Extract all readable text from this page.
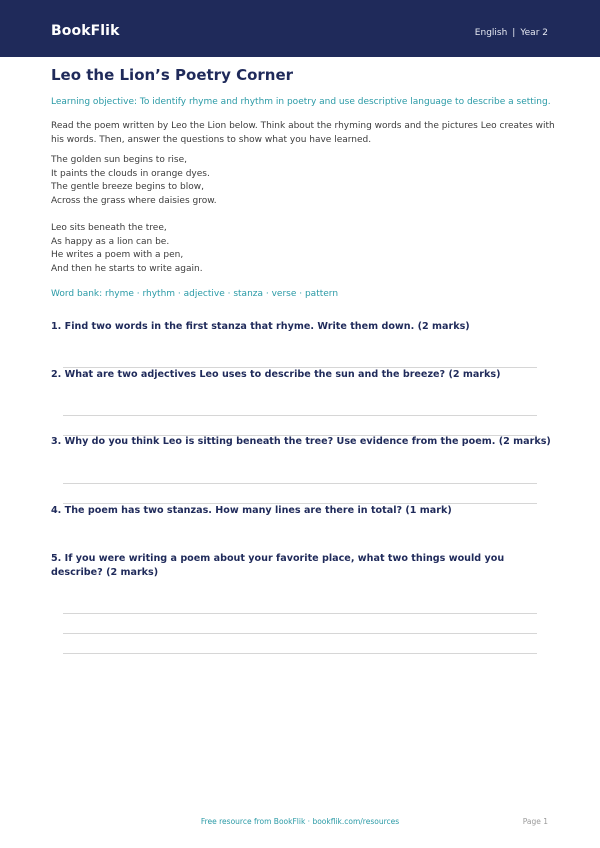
BookFlik	English | Year 2
Leo the Lion’s Poetry Corner
Learning objective: To identify rhyme and rhythm in poetry and use descriptive language to describe a setting.
Read the poem written by Leo the Lion below. Think about the rhyming words and the pictures Leo creates with his words. Then, answer the questions to show what you have learned.
The golden sun begins to rise,
It paints the clouds in orange dyes.
The gentle breeze begins to blow,
Across the grass where daisies grow.
Leo sits beneath the tree,
As happy as a lion can be.
He writes a poem with a pen,
And then he starts to write again.
Word bank: rhyme · rhythm · adjective · stanza · verse · pattern
1. Find two words in the first stanza that rhyme. Write them down. (2 marks)
2. What are two adjectives Leo uses to describe the sun and the breeze? (2 marks)
3. Why do you think Leo is sitting beneath the tree? Use evidence from the poem. (2 marks)
4. The poem has two stanzas. How many lines are there in total? (1 mark)
5. If you were writing a poem about your favorite place, what two things would you describe? (2 marks)
Free resource from BookFlik · bookflik.com/resources	Page 1
